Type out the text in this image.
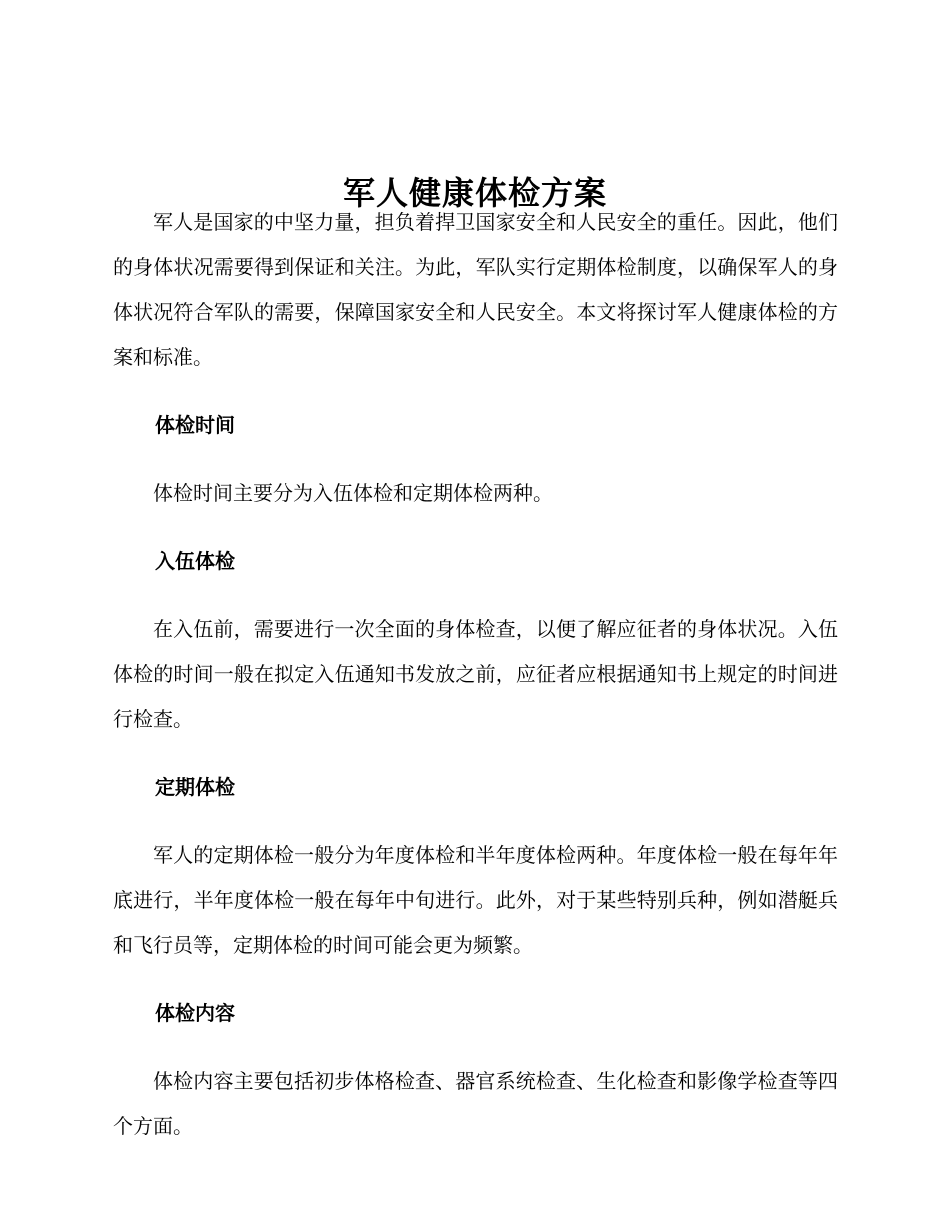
军人健康体检方案

军人是国家的中坚力量，担负着捍卫国家安全和人民安全的重任。因此，他们的身体状况需要得到保证和关注。为此，军队实行定期体检制度，以确保军人的身体状况符合军队的需要，保障国家安全和人民安全。本文将探讨军人健康体检的方案和标准。

体检时间

体检时间主要分为入伍体检和定期体检两种。

入伍体检

在入伍前，需要进行一次全面的身体检查，以便了解应征者的身体状况。入伍体检的时间一般在拟定入伍通知书发放之前，应征者应根据通知书上规定的时间进行检查。

定期体检

军人的定期体检一般分为年度体检和半年度体检两种。年度体检一般在每年年底进行，半年度体检一般在每年中旬进行。此外，对于某些特别兵种，例如潜艇兵和飞行员等，定期体检的时间可能会更为频繁。

体检内容

体检内容主要包括初步体格检查、器官系统检查、生化检查和影像学检查等四个方面。
